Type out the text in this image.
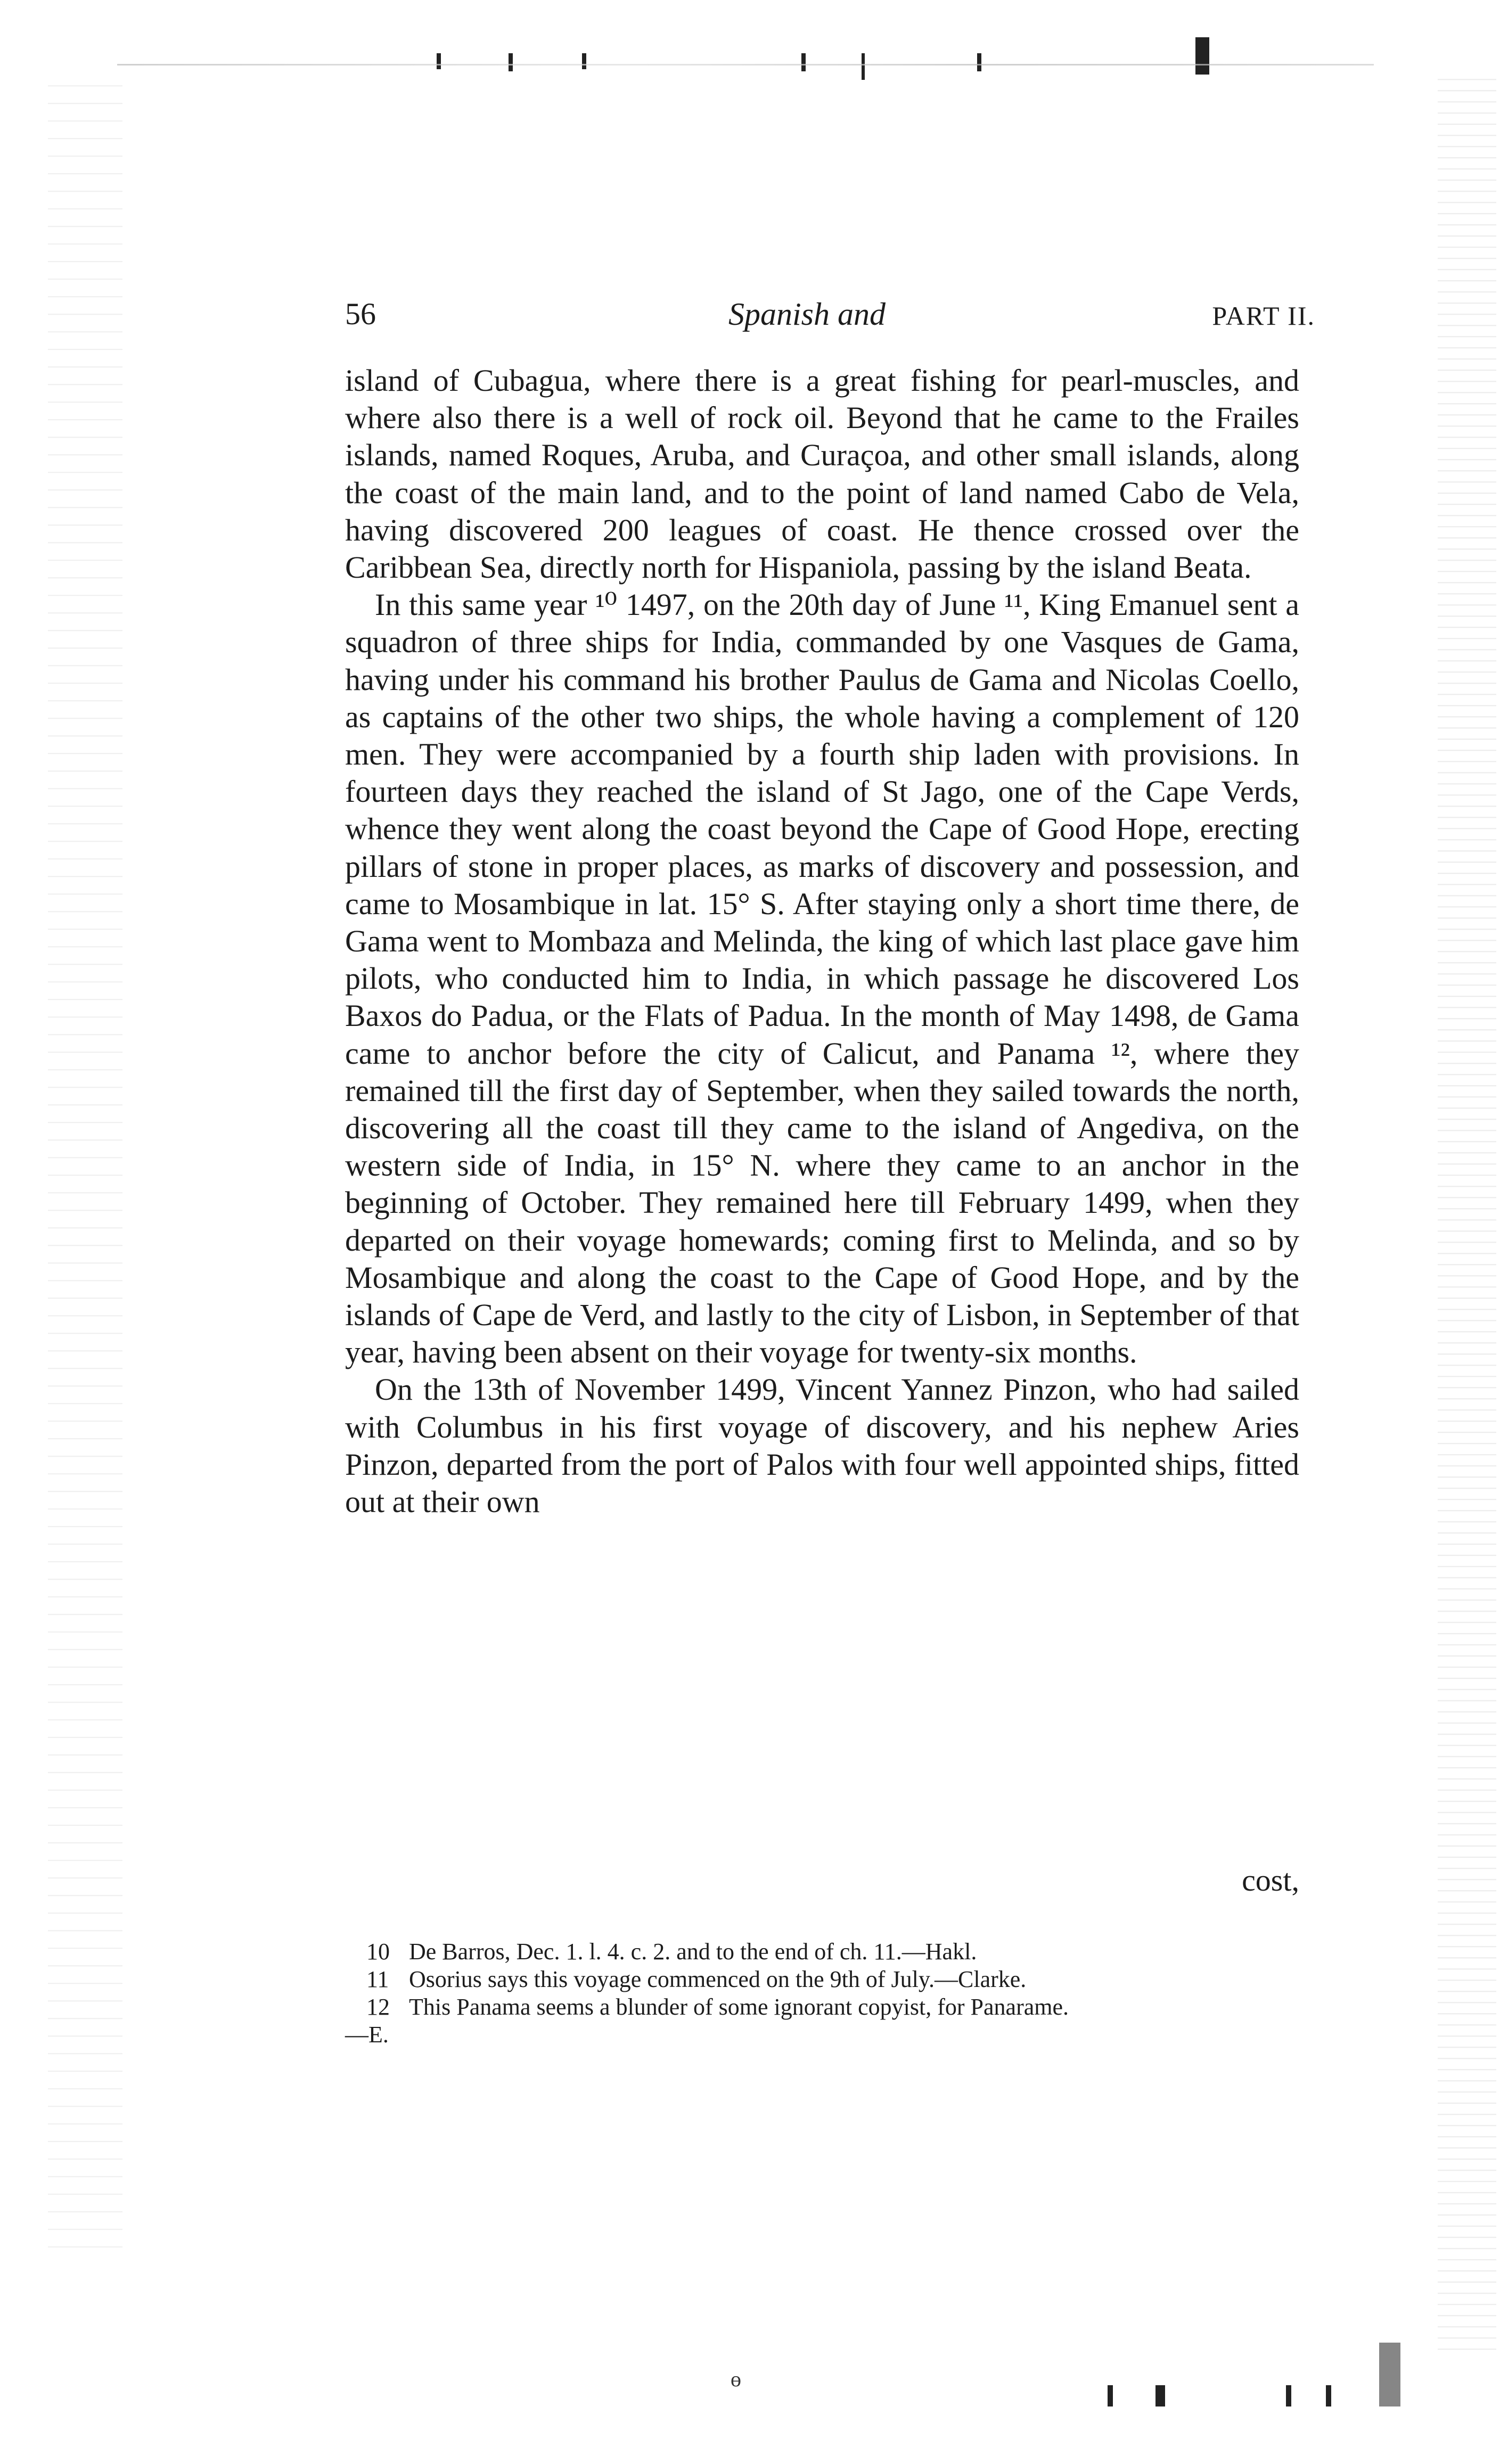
56	Spanish and	PART II.

island of Cubagua, where there is a great fishing for pearl-muscles, and where also there is a well of rock oil. Beyond that he came to the Frailes islands, named Roques, Aruba, and Curaçoa, and other small islands, along the coast of the main land, and to the point of land named Cabo de Vela, having discovered 200 leagues of coast. He thence crossed over the Caribbean Sea, directly north for Hispaniola, passing by the island Beata.

In this same year ¹⁰ 1497, on the 20th day of June ¹¹, King Emanuel sent a squadron of three ships for India, commanded by one Vasques de Gama, having under his command his brother Paulus de Gama and Nicolas Coello, as captains of the other two ships, the whole having a complement of 120 men. They were accompanied by a fourth ship laden with provisions. In fourteen days they reached the island of St Jago, one of the Cape Verds, whence they went along the coast beyond the Cape of Good Hope, erecting pillars of stone in proper places, as marks of discovery and possession, and came to Mosambique in lat. 15° S. After staying only a short time there, de Gama went to Mombaza and Melinda, the king of which last place gave him pilots, who conducted him to India, in which passage he discovered Los Baxos do Padua, or the Flats of Padua. In the month of May 1498, de Gama came to anchor before the city of Calicut, and Panama ¹², where they remained till the first day of September, when they sailed towards the north, discovering all the coast till they came to the island of Angediva, on the western side of India, in 15° N. where they came to an anchor in the beginning of October. They remained here till February 1499, when they departed on their voyage homewards; coming first to Melinda, and so by Mosambique and along the coast to the Cape of Good Hope, and by the islands of Cape de Verd, and lastly to the city of Lisbon, in September of that year, having been absent on their voyage for twenty-six months.

On the 13th of November 1499, Vincent Yannez Pinzon, who had sailed with Columbus in his first voyage of discovery, and his nephew Aries Pinzon, departed from the port of Palos with four well appointed ships, fitted out at their own

cost,
10 De Barros, Dec. 1. l. 4. c. 2. and to the end of ch. 11.—Hakl.
11 Osorius says this voyage commenced on the 9th of July.—Clarke.
12 This Panama seems a blunder of some ignorant copyist, for Panarame.

—E.

ɵ
